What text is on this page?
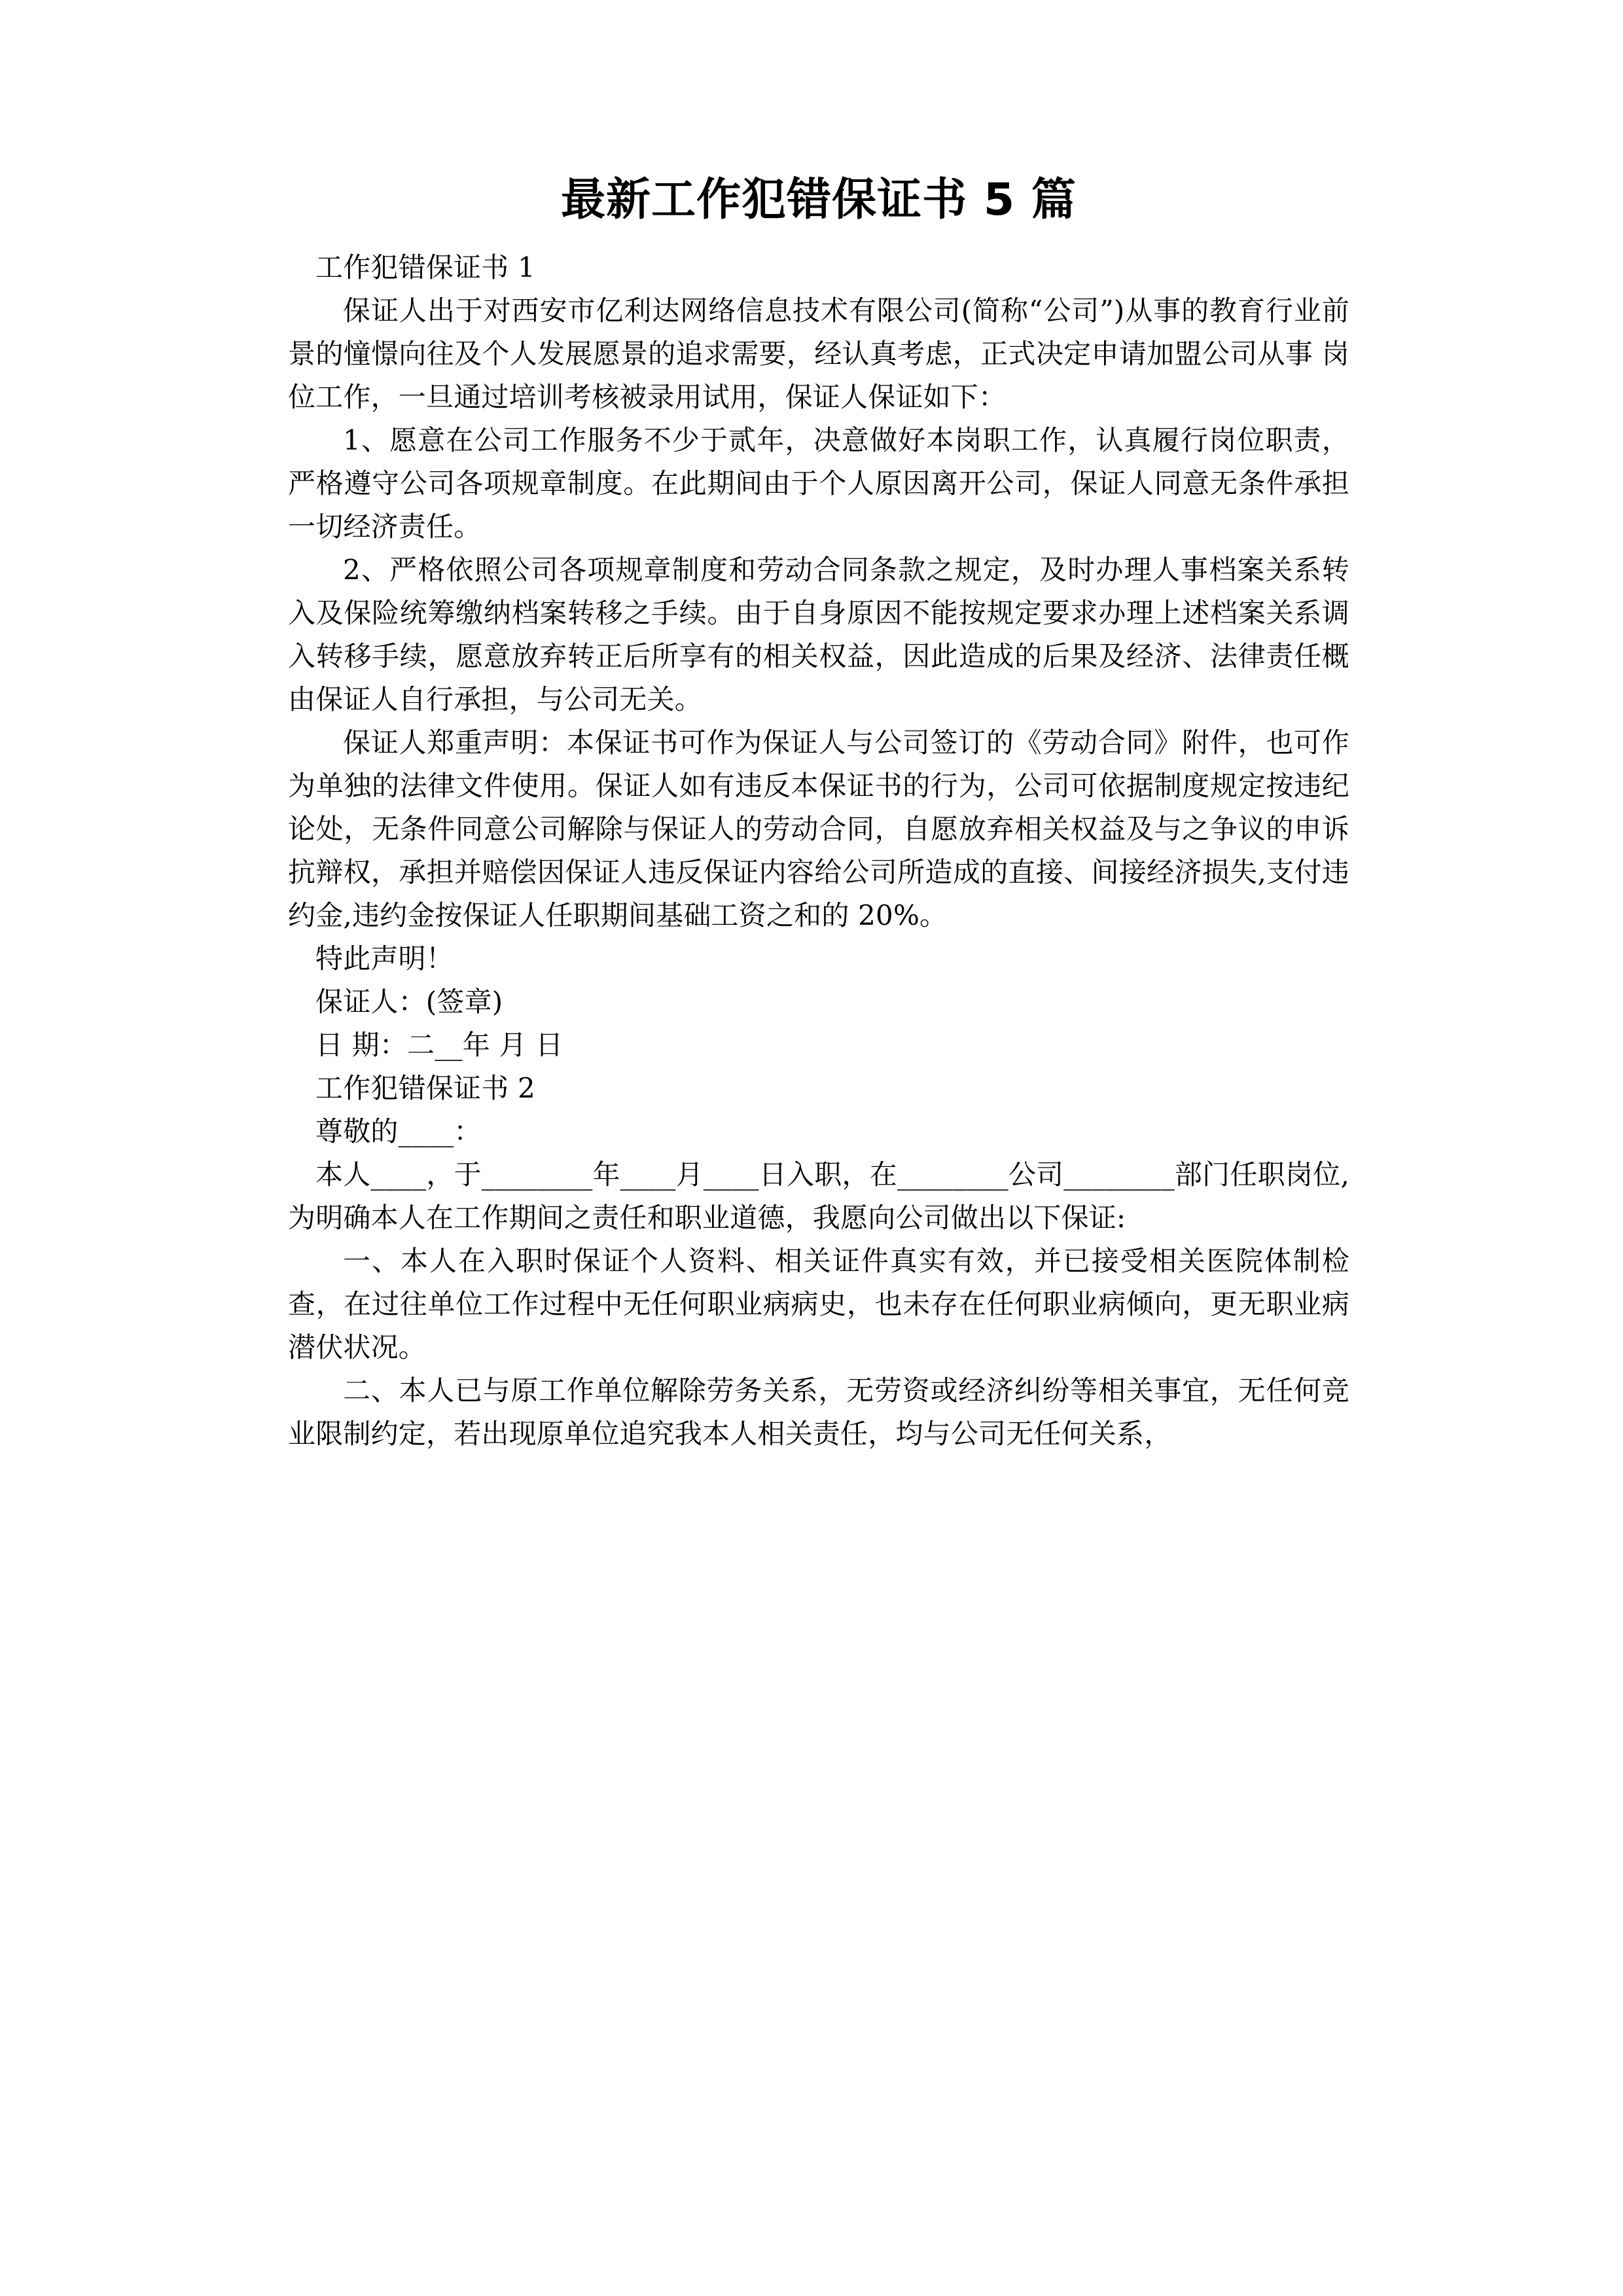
最新工作犯错保证书 5 篇

工作犯错保证书 1

保证人出于对西安市亿利达网络信息技术有限公司(简称“公司”)从事的教育行业前景的憧憬向往及个人发展愿景的追求需要，经认真考虑，正式决定申请加盟公司从事 岗位工作，一旦通过培训考核被录用试用，保证人保证如下：

1、愿意在公司工作服务不少于贰年，决意做好本岗职工作，认真履行岗位职责，严格遵守公司各项规章制度。在此期间由于个人原因离开公司，保证人同意无条件承担一切经济责任。

2、严格依照公司各项规章制度和劳动合同条款之规定，及时办理人事档案关系转入及保险统筹缴纳档案转移之手续。由于自身原因不能按规定要求办理上述档案关系调入转移手续，愿意放弃转正后所享有的相关权益，因此造成的后果及经济、法律责任概由保证人自行承担，与公司无关。

保证人郑重声明：本保证书可作为保证人与公司签订的《劳动合同》附件，也可作为单独的法律文件使用。保证人如有违反本保证书的行为，公司可依据制度规定按违纪论处，无条件同意公司解除与保证人的劳动合同，自愿放弃相关权益及与之争议的申诉抗辩权，承担并赔偿因保证人违反保证内容给公司所造成的直接、间接经济损失,支付违约金,违约金按保证人任职期间基础工资之和的 20%。

特此声明！

保证人：(签章)

日 期：二__年 月 日

工作犯错保证书 2

尊敬的____：

本人____，于________年____月____日入职，在________公司________部门任职岗位,为明确本人在工作期间之责任和职业道德，我愿向公司做出以下保证:

一、本人在入职时保证个人资料、相关证件真实有效，并已接受相关医院体制检查，在过往单位工作过程中无任何职业病病史，也未存在任何职业病倾向，更无职业病潜伏状况。

二、本人已与原工作单位解除劳务关系，无劳资或经济纠纷等相关事宜，无任何竞业限制约定，若出现原单位追究我本人相关责任，均与公司无任何关系，
